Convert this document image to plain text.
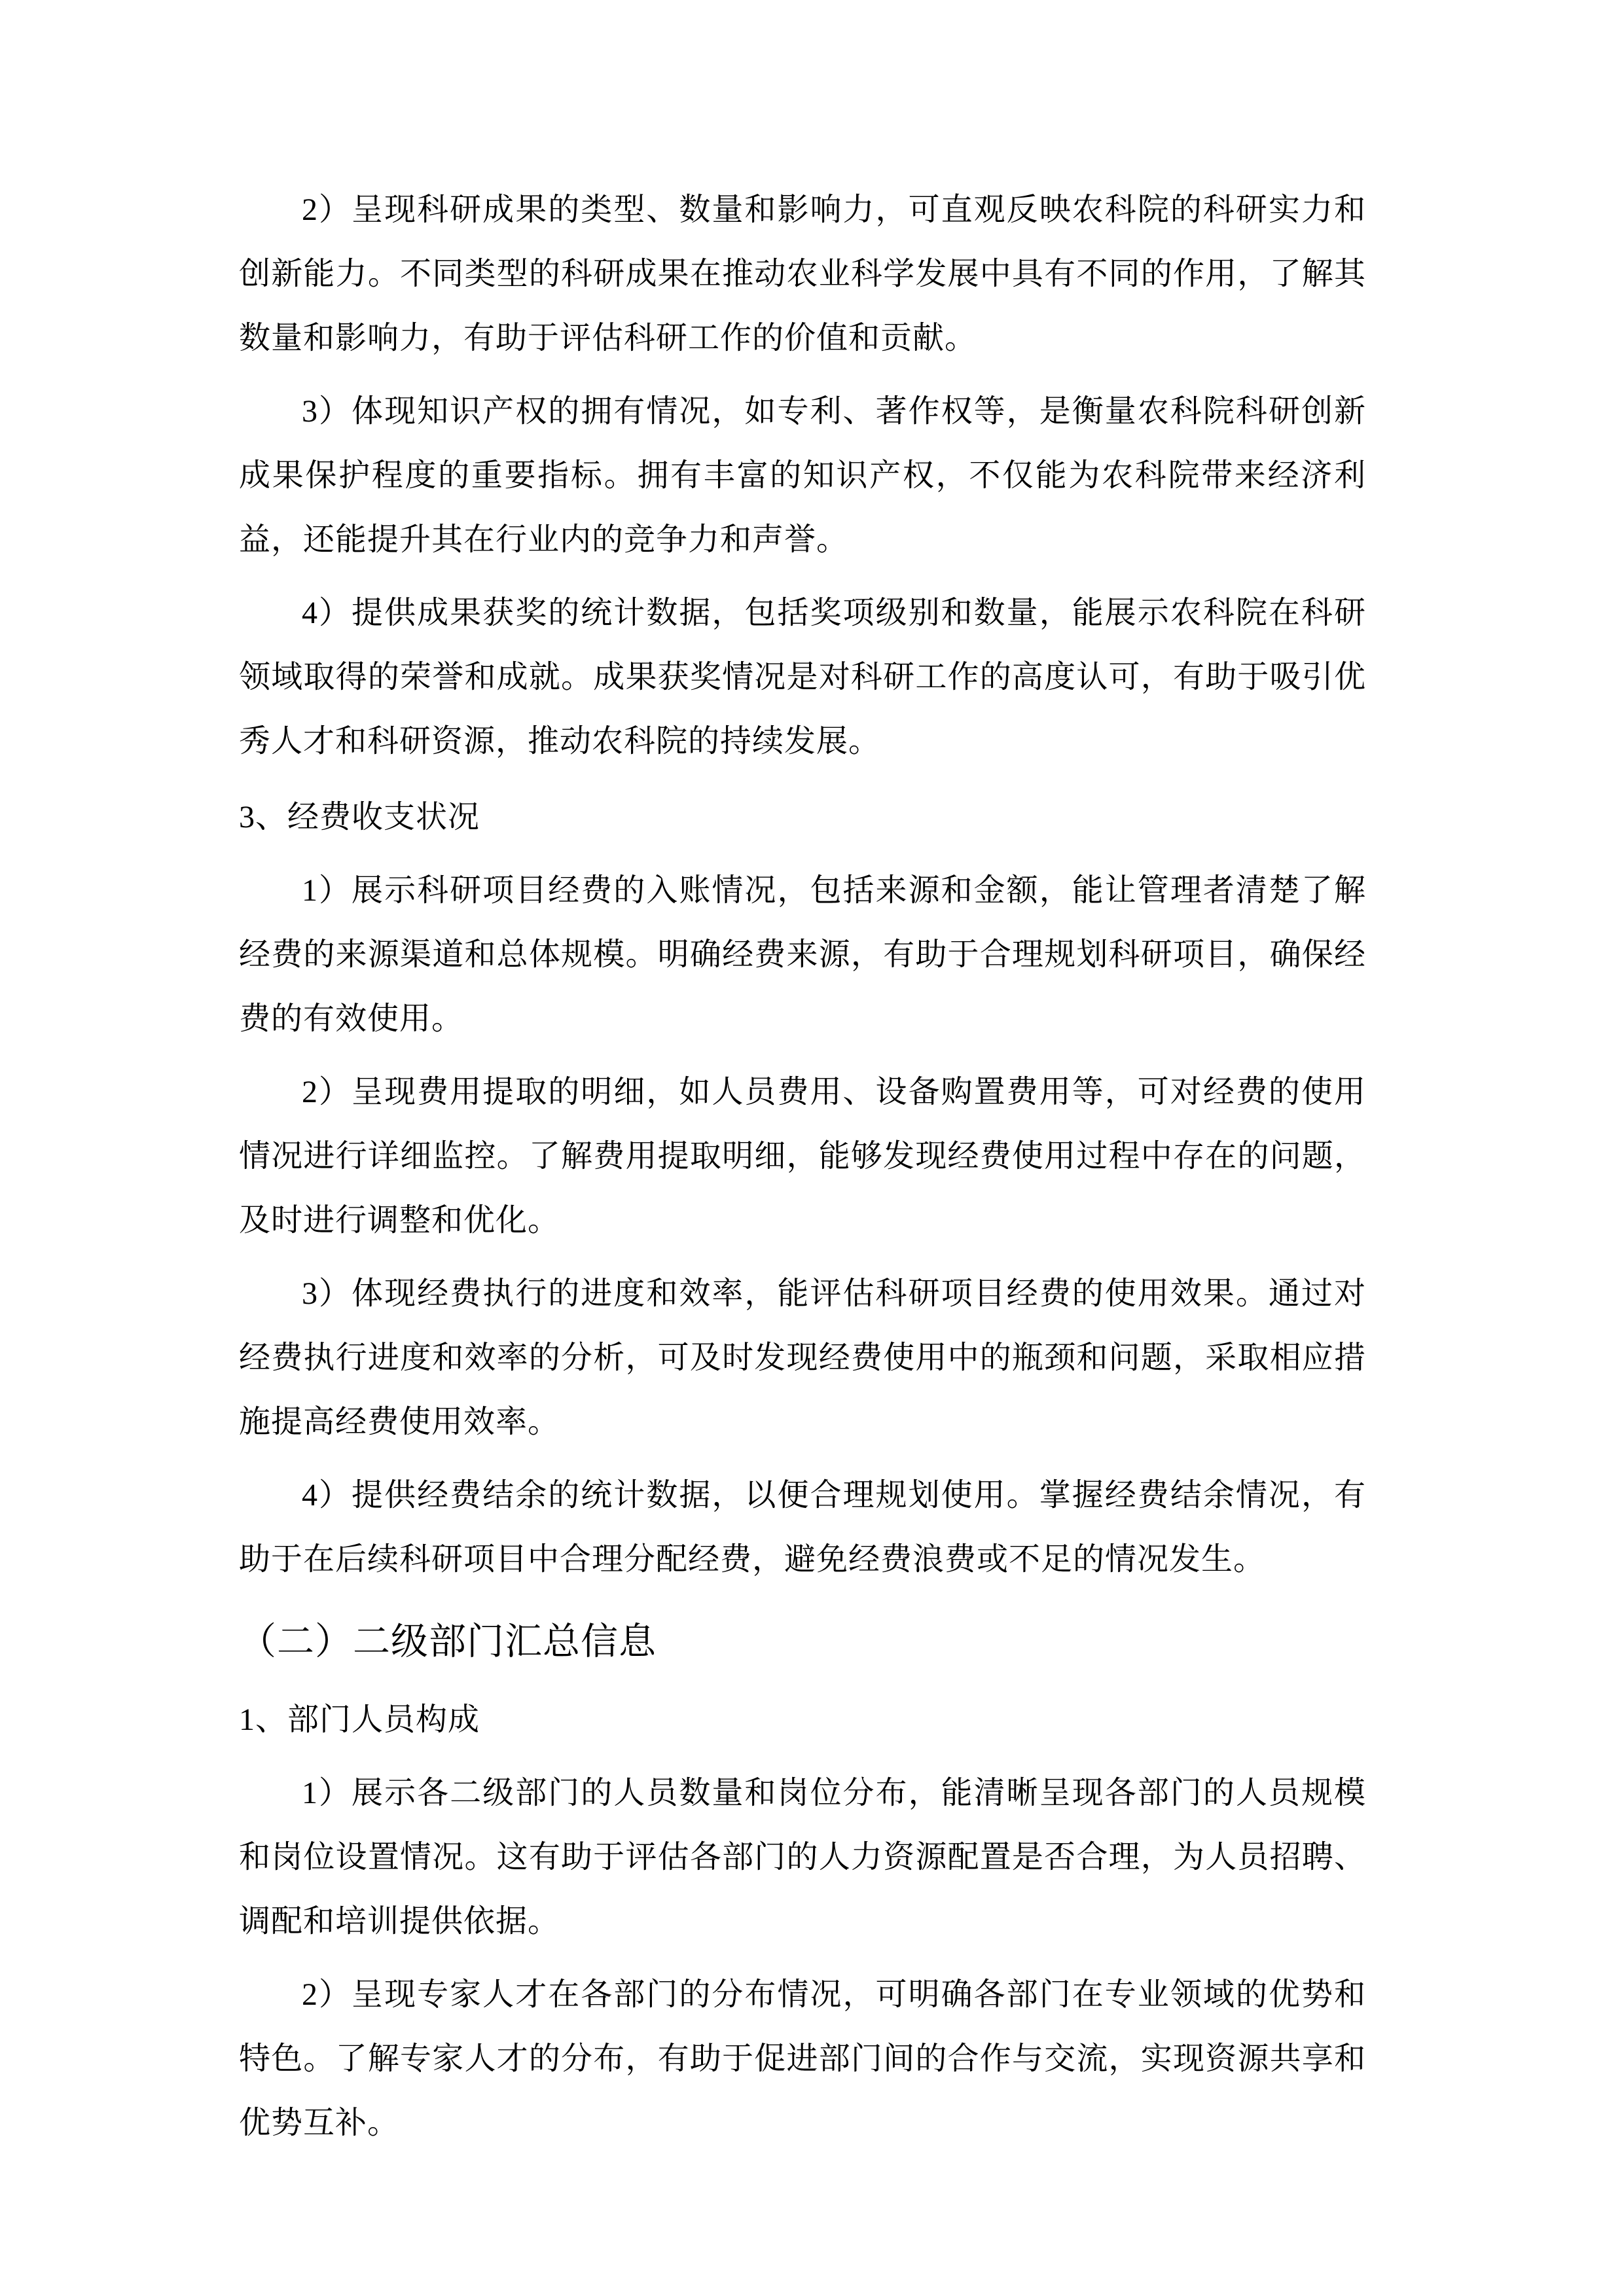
2）呈现科研成果的类型、数量和影响力，可直观反映农科院的科研实力和创新能力。不同类型的科研成果在推动农业科学发展中具有不同的作用，了解其数量和影响力，有助于评估科研工作的价值和贡献。

3）体现知识产权的拥有情况，如专利、著作权等，是衡量农科院科研创新成果保护程度的重要指标。拥有丰富的知识产权，不仅能为农科院带来经济利益，还能提升其在行业内的竞争力和声誉。

4）提供成果获奖的统计数据，包括奖项级别和数量，能展示农科院在科研领域取得的荣誉和成就。成果获奖情况是对科研工作的高度认可，有助于吸引优秀人才和科研资源，推动农科院的持续发展。

3、经费收支状况

1）展示科研项目经费的入账情况，包括来源和金额，能让管理者清楚了解经费的来源渠道和总体规模。明确经费来源，有助于合理规划科研项目，确保经费的有效使用。

2）呈现费用提取的明细，如人员费用、设备购置费用等，可对经费的使用情况进行详细监控。了解费用提取明细，能够发现经费使用过程中存在的问题，及时进行调整和优化。

3）体现经费执行的进度和效率，能评估科研项目经费的使用效果。通过对经费执行进度和效率的分析，可及时发现经费使用中的瓶颈和问题，采取相应措施提高经费使用效率。

4）提供经费结余的统计数据，以便合理规划使用。掌握经费结余情况，有助于在后续科研项目中合理分配经费，避免经费浪费或不足的情况发生。

（二）二级部门汇总信息

1、部门人员构成

1）展示各二级部门的人员数量和岗位分布，能清晰呈现各部门的人员规模和岗位设置情况。这有助于评估各部门的人力资源配置是否合理，为人员招聘、调配和培训提供依据。

2）呈现专家人才在各部门的分布情况，可明确各部门在专业领域的优势和特色。了解专家人才的分布，有助于促进部门间的合作与交流，实现资源共享和优势互补。
